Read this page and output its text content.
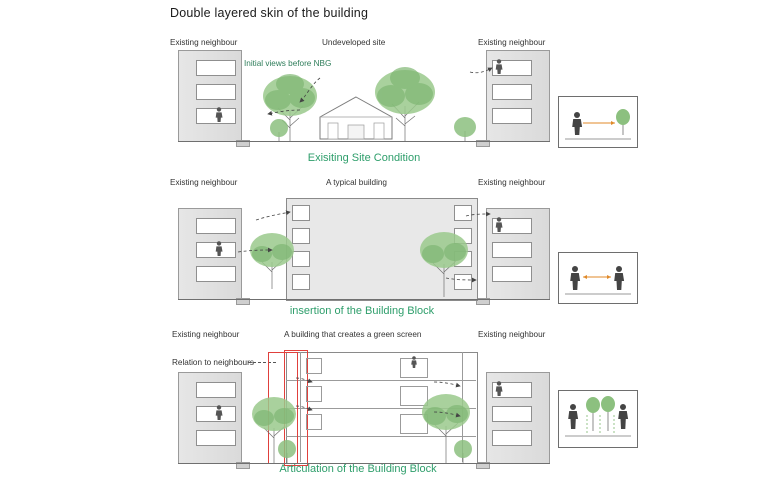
Double layered skin of the building
Existing neighbour	Undeveloped site	Existing neighbour
Initial views before NBG
Exisiting Site Condition
Existing neighbour	A typical building	Existing neighbour
insertion of the Building Block
Existing neighbour	A building that creates a green screen	Existing neighbour
Relation to neighbours
Articulation of the Building Block
